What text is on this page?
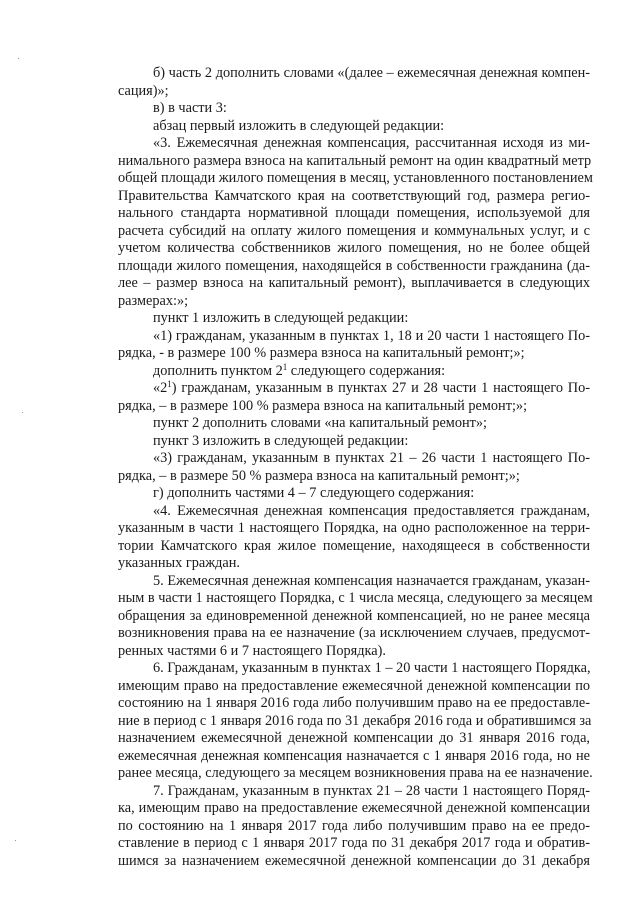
б) часть 2 дополнить словами «(далее – ежемесячная денежная компен-
сация)»;
в) в части 3:
абзац первый изложить в следующей редакции:
«3. Ежемесячная денежная компенсация, рассчитанная исходя из ми-
нимального размера взноса на капитальный ремонт на один квадратный метр
общей площади жилого помещения в месяц, установленного постановлением
Правительства Камчатского края на соответствующий год, размера регио-
нального стандарта нормативной площади помещения, используемой для
расчета субсидий на оплату жилого помещения и коммунальных услуг, и с
учетом количества собственников жилого помещения, но не более общей
площади жилого помещения, находящейся в собственности гражданина (да-
лее – размер взноса на капитальный ремонт), выплачивается в следующих
размерах:»;
пункт 1 изложить в следующей редакции:
«1) гражданам, указанным в пунктах 1, 18 и 20 части 1 настоящего По-
рядка, - в размере 100 % размера взноса на капитальный ремонт;»;
дополнить пунктом $2^1$ следующего содержания:
«$2^1$) гражданам, указанным в пунктах 27 и 28 части 1 настоящего По-
рядка, – в размере 100 % размера взноса на капитальный ремонт;»;
пункт 2 дополнить словами «на капитальный ремонт»;
пункт 3 изложить в следующей редакции:
«3) гражданам, указанным в пунктах 21 – 26 части 1 настоящего По-
рядка, – в размере 50 % размера взноса на капитальный ремонт;»;
г) дополнить частями 4 – 7 следующего содержания:
«4. Ежемесячная денежная компенсация предоставляется гражданам,
указанным в части 1 настоящего Порядка, на одно расположенное на терри-
тории Камчатского края жилое помещение, находящееся в собственности
указанных граждан.
5. Ежемесячная денежная компенсация назначается гражданам, указан-
ным в части 1 настоящего Порядка, с 1 числа месяца, следующего за месяцем
обращения за единовременной денежной компенсацией, но не ранее месяца
возникновения права на ее назначение (за исключением случаев, предусмот-
ренных частями 6 и 7 настоящего Порядка).
6. Гражданам, указанным в пунктах 1 – 20 части 1 настоящего Порядка,
имеющим право на предоставление ежемесячной денежной компенсации по
состоянию на 1 января 2016 года либо получившим право на ее предоставле-
ние в период с 1 января 2016 года по 31 декабря 2016 года и обратившимся за
назначением ежемесячной денежной компенсации до 31 января 2016 года,
ежемесячная денежная компенсация назначается с 1 января 2016 года, но не
ранее месяца, следующего за месяцем возникновения права на ее назначение.
7. Гражданам, указанным в пунктах 21 – 28 части 1 настоящего Поряд-
ка, имеющим право на предоставление ежемесячной денежной компенсации
по состоянию на 1 января 2017 года либо получившим право на ее предо-
ставление в период с 1 января 2017 года по 31 декабря 2017 года и обратив-
шимся за назначением ежемесячной денежной компенсации до 31 декабря
